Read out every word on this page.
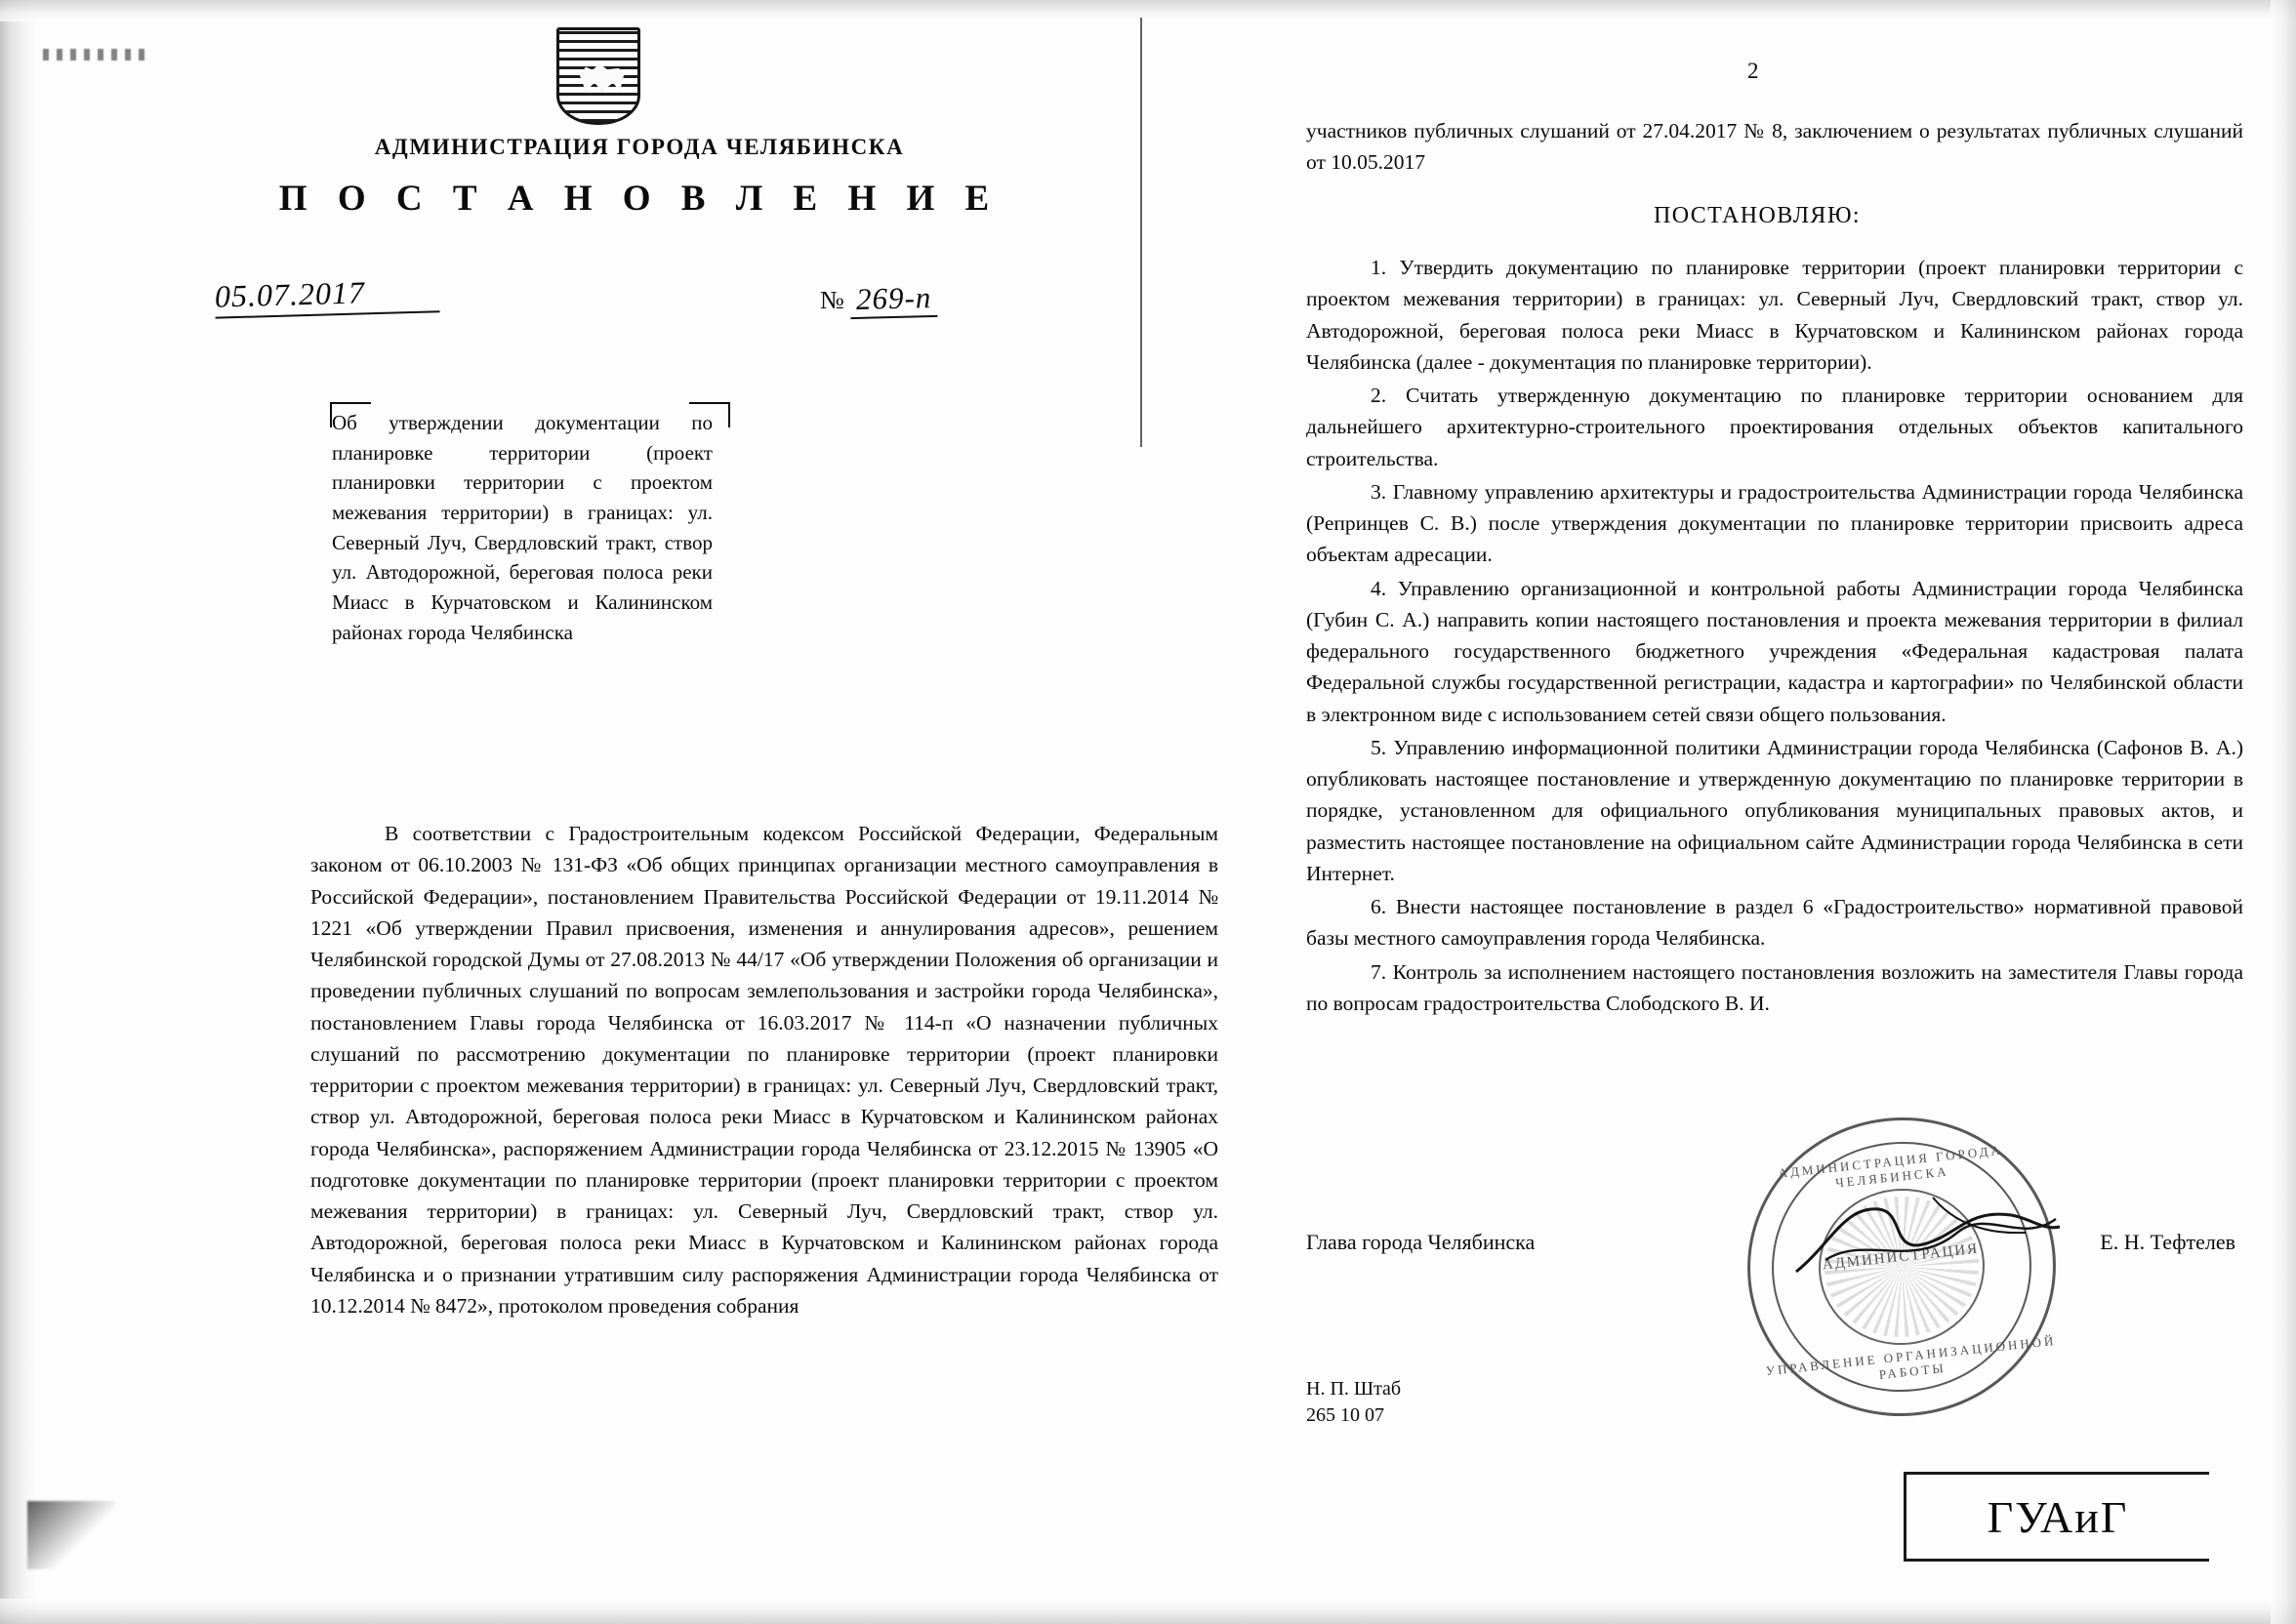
АДМИНИСТРАЦИЯ ГОРОДА ЧЕЛЯБИНСКА
П О С Т А Н О В Л Е Н И Е
05.07.2017	№ 269-п
Об утверждении документации по планировке территории (проект планировки территории с проектом межевания территории) в границах: ул. Северный Луч, Свердловский тракт, створ ул. Автодорожной, береговая полоса реки Миасс в Курчатовском и Калининском районах города Челябинска

В соответствии с Градостроительным кодексом Российской Федерации, Федеральным законом от 06.10.2003 № 131-ФЗ «Об общих принципах организации местного самоуправления в Российской Федерации», постановлением Правительства Российской Федерации от 19.11.2014 № 1221 «Об утверждении Правил присвоения, изменения и аннулирования адресов», решением Челябинской городской Думы от 27.08.2013 № 44/17 «Об утверждении Положения об организации и проведении публичных слушаний по вопросам землепользования и застройки города Челябинска», постановлением Главы города Челябинска от 16.03.2017 № 114-п «О назначении публичных слушаний по рассмотрению документации по планировке территории (проект планировки территории с проектом межевания территории) в границах: ул. Северный Луч, Свердловский тракт, створ ул. Автодорожной, береговая полоса реки Миасс в Курчатовском и Калининском районах города Челябинска», распоряжением Администрации города Челябинска от 23.12.2015 № 13905 «О подготовке документации по планировке территории (проект планировки территории с проектом межевания территории) в границах: ул. Северный Луч, Свердловский тракт, створ ул. Автодорожной, береговая полоса реки Миасс в Курчатовском и Калининском районах города Челябинска и о признании утратившим силу распоряжения Администрации города Челябинска от 10.12.2014 № 8472», протоколом проведения собрания

2
участников публичных слушаний от 27.04.2017 № 8, заключением о результатах публичных слушаний от 10.05.2017
ПОСТАНОВЛЯЮ:

1. Утвердить документацию по планировке территории (проект планировки территории с проектом межевания территории) в границах: ул. Северный Луч, Свердловский тракт, створ ул. Автодорожной, береговая полоса реки Миасс в Курчатовском и Калининском районах города Челябинска (далее - документация по планировке территории).

2. Считать утвержденную документацию по планировке территории основанием для дальнейшего архитектурно-строительного проектирования отдельных объектов капитального строительства.

3. Главному управлению архитектуры и градостроительства Администрации города Челябинска (Репринцев С. В.) после утверждения документации по планировке территории присвоить адреса объектам адресации.

4. Управлению организационной и контрольной работы Администрации города Челябинска (Губин С. А.) направить копии настоящего постановления и проекта межевания территории в филиал федерального государственного бюджетного учреждения «Федеральная кадастровая палата Федеральной службы государственной регистрации, кадастра и картографии» по Челябинской области в электронном виде с использованием сетей связи общего пользования.

5. Управлению информационной политики Администрации города Челябинска (Сафонов В. А.) опубликовать настоящее постановление и утвержденную документацию по планировке территории в порядке, установленном для официального опубликования муниципальных правовых актов, и разместить настоящее постановление на официальном сайте Администрации города Челябинска в сети Интернет.

6. Внести настоящее постановление в раздел 6 «Градостроительство» нормативной правовой базы местного самоуправления города Челябинска.

7. Контроль за исполнением настоящего постановления возложить на заместителя Главы города по вопросам градостроительства Слободского В. И.

АДМИНИСТРАЦИЯ ГОРОДА ЧЕЛЯБИНСКА
АДМИНИСТРАЦИЯ
УПРАВЛЕНИЕ ОРГАНИЗАЦИОННОЙ РАБОТЫ
Глава города Челябинска	Е. Н. Тефтелев
Н. П. Штаб
265 10 07
ГУАиГ
